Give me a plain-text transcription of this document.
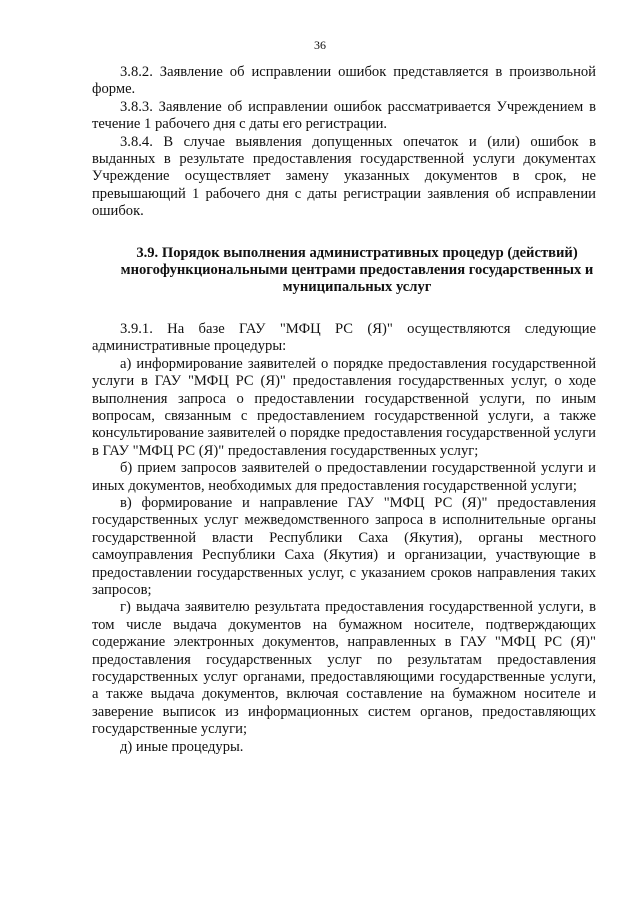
36

3.8.2. Заявление об исправлении ошибок представляется в произвольной форме.

3.8.3. Заявление об исправлении ошибок рассматривается Учреждением в течение 1 рабочего дня с даты его регистрации.

3.8.4. В случае выявления допущенных опечаток и (или) ошибок в выданных в результате предоставления государственной услуги документах Учреждение осуществляет замену указанных документов в срок, не превышающий 1 рабочего дня с даты регистрации заявления об исправлении ошибок.

3.9. Порядок выполнения административных процедур (действий) многофункциональными центрами предоставления государственных и муниципальных услуг

3.9.1. На базе ГАУ "МФЦ РС (Я)" осуществляются следующие административные процедуры:

а) информирование заявителей о порядке предоставления государственной услуги в ГАУ "МФЦ РС (Я)" предоставления государственных услуг, о ходе выполнения запроса о предоставлении государственной услуги, по иным вопросам, связанным с предоставлением государственной услуги, а также консультирование заявителей о порядке предоставления государственной услуги в ГАУ "МФЦ РС (Я)" предоставления государственных услуг;

б) прием запросов заявителей о предоставлении государственной услуги и иных документов, необходимых для предоставления государственной услуги;

в) формирование и направление ГАУ "МФЦ РС (Я)" предоставления государственных услуг межведомственного запроса в исполнительные органы государственной власти Республики Саха (Якутия), органы местного самоуправления Республики Саха (Якутия) и организации, участвующие в предоставлении государственных услуг, с указанием сроков направления таких запросов;

г) выдача заявителю результата предоставления государственной услуги, в том числе выдача документов на бумажном носителе, подтверждающих содержание электронных документов, направленных в ГАУ "МФЦ РС (Я)" предоставления государственных услуг по результатам предоставления государственных услуг органами, предоставляющими государственные услуги, а также выдача документов, включая составление на бумажном носителе и заверение выписок из информационных систем органов, предоставляющих государственные услуги;

д) иные процедуры.
